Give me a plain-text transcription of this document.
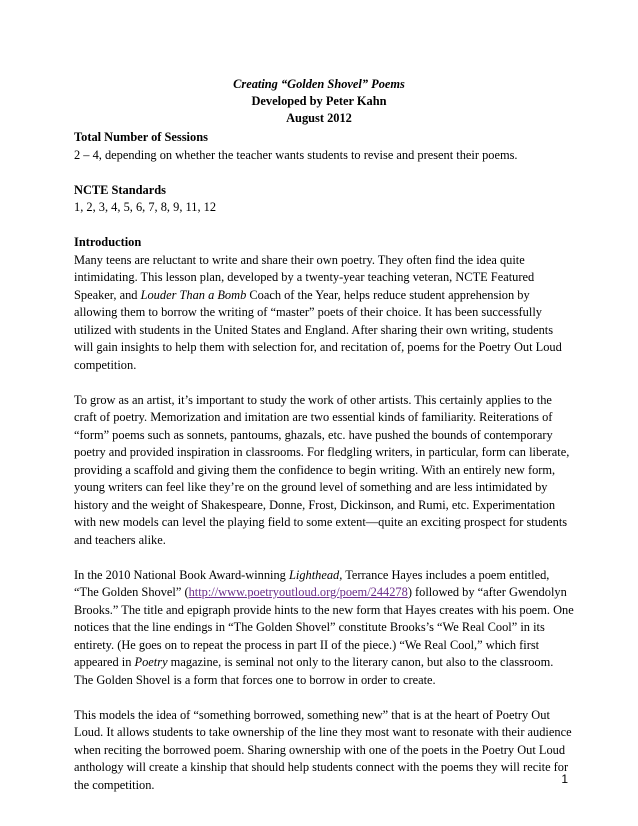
Creating “Golden Shovel” Poems
Developed by Peter Kahn
August 2012
Total Number of Sessions

2 – 4, depending on whether the teacher wants students to revise and present their poems.

NCTE Standards

1, 2, 3, 4, 5, 6, 7, 8, 9, 11, 12

Introduction

Many teens are reluctant to write and share their own poetry. They often find the idea quite intimidating. This lesson plan, developed by a twenty-year teaching veteran, NCTE Featured Speaker, and Louder Than a Bomb Coach of the Year, helps reduce student apprehension by allowing them to borrow the writing of “master” poets of their choice. It has been successfully utilized with students in the United States and England. After sharing their own writing, students will gain insights to help them with selection for, and recitation of, poems for the Poetry Out Loud competition.

To grow as an artist, it’s important to study the work of other artists. This certainly applies to the craft of poetry. Memorization and imitation are two essential kinds of familiarity. Reiterations of “form” poems such as sonnets, pantoums, ghazals, etc. have pushed the bounds of contemporary poetry and provided inspiration in classrooms. For fledgling writers, in particular, form can liberate, providing a scaffold and giving them the confidence to begin writing. With an entirely new form, young writers can feel like they’re on the ground level of something and are less intimidated by history and the weight of Shakespeare, Donne, Frost, Dickinson, and Rumi, etc. Experimentation with new models can level the playing field to some extent—quite an exciting prospect for students and teachers alike.

In the 2010 National Book Award-winning Lighthead, Terrance Hayes includes a poem entitled, “The Golden Shovel” (http://www.poetryoutloud.org/poem/244278) followed by “after Gwendolyn Brooks.” The title and epigraph provide hints to the new form that Hayes creates with his poem. One notices that the line endings in “The Golden Shovel” constitute Brooks’s “We Real Cool” in its entirety. (He goes on to repeat the process in part II of the piece.) “We Real Cool,” which first appeared in Poetry magazine, is seminal not only to the literary canon, but also to the classroom. The Golden Shovel is a form that forces one to borrow in order to create.

This models the idea of “something borrowed, something new” that is at the heart of Poetry Out Loud. It allows students to take ownership of the line they most want to resonate with their audience when reciting the borrowed poem. Sharing ownership with one of the poets in the Poetry Out Loud anthology will create a kinship that should help students connect with the poems they will recite for the competition.	1
